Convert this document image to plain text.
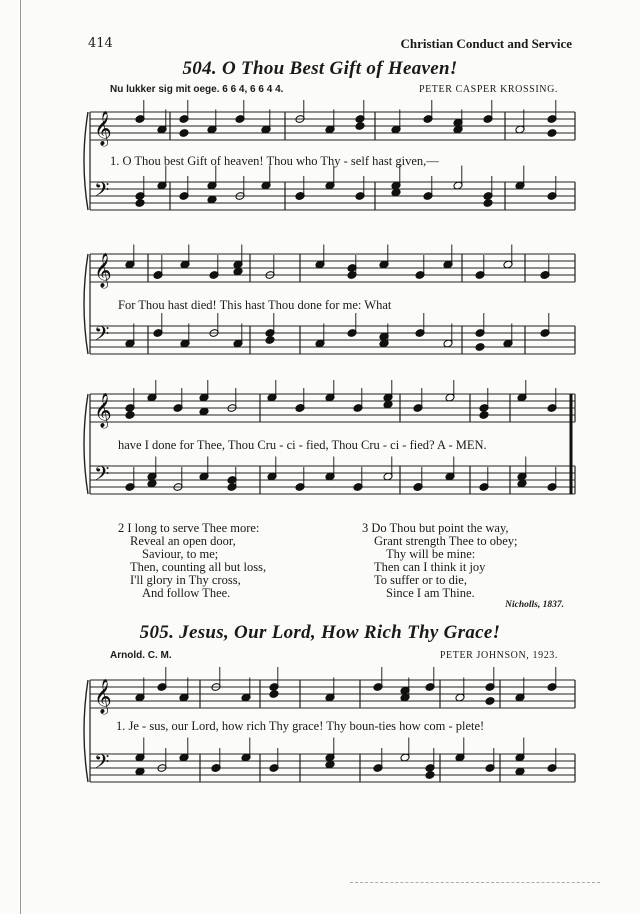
414	Christian Conduct and Service
504. O Thou Best Gift of Heaven!
Nu lukker sig mit oege. 6 6 4, 6 6 4 4.	PETER CASPER KROSSING.
𝄞
𝄢
1. O Thou best Gift of heaven! Thou who Thy - self hast given,—
𝄞
𝄢
For Thou hast died! This hast Thou done for me: What
𝄞
𝄢
have I done for Thee, Thou Cru - ci - fied, Thou Cru - ci - fied? A - MEN.
2 I long to serve Thee more:
Reveal an open door,
Saviour, to me;
Then, counting all but loss,
I'll glory in Thy cross,
And follow Thee.
3 Do Thou but point the way,
Grant strength Thee to obey;
Thy will be mine:
Then can I think it joy
To suffer or to die,
Since I am Thine.
Nicholls, 1837.
505. Jesus, Our Lord, How Rich Thy Grace!
Arnold. C. M.	PETER JOHNSON, 1923.
𝄞
𝄢
1. Je - sus, our Lord, how rich Thy grace! Thy boun-ties how com - plete!
